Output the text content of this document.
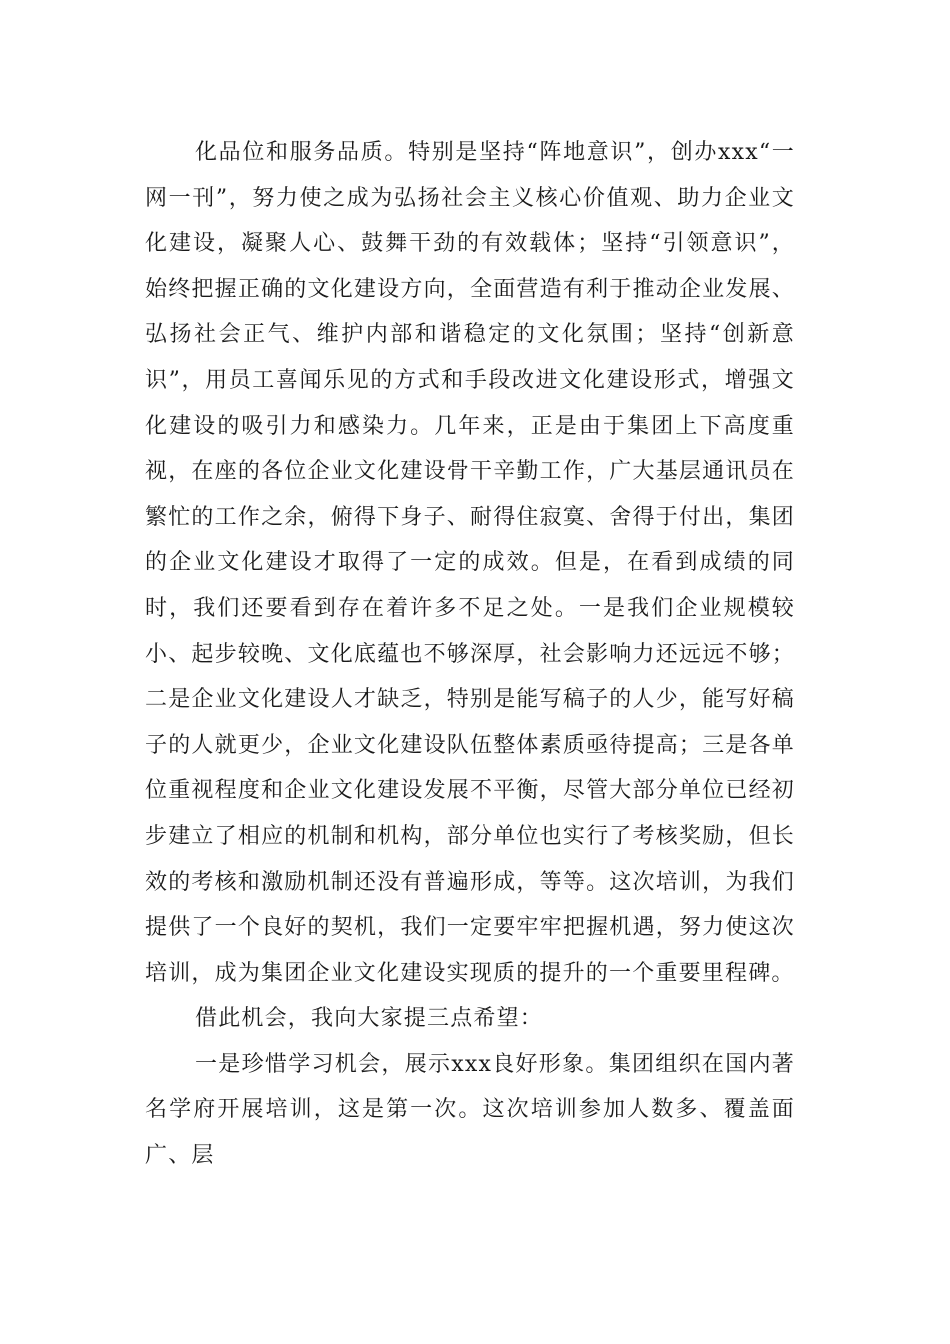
化品位和服务品质。特别是坚持“阵地意识”，创办xxx“一网一刊”，努力使之成为弘扬社会主义核心价值观、助力企业文化建设，凝聚人心、鼓舞干劲的有效载体；坚持“引领意识”，始终把握正确的文化建设方向，全面营造有利于推动企业发展、弘扬社会正气、维护内部和谐稳定的文化氛围；坚持“创新意识”，用员工喜闻乐见的方式和手段改进文化建设形式，增强文化建设的吸引力和感染力。几年来，正是由于集团上下高度重视，在座的各位企业文化建设骨干辛勤工作，广大基层通讯员在繁忙的工作之余，俯得下身子、耐得住寂寞、舍得于付出，集团的企业文化建设才取得了一定的成效。但是，在看到成绩的同时，我们还要看到存在着许多不足之处。一是我们企业规模较小、起步较晚、文化底蕴也不够深厚，社会影响力还远远不够；二是企业文化建设人才缺乏，特别是能写稿子的人少，能写好稿子的人就更少，企业文化建设队伍整体素质亟待提高；三是各单位重视程度和企业文化建设发展不平衡，尽管大部分单位已经初步建立了相应的机制和机构，部分单位也实行了考核奖励，但长效的考核和激励机制还没有普遍形成，等等。这次培训，为我们提供了一个良好的契机，我们一定要牢牢把握机遇，努力使这次培训，成为集团企业文化建设实现质的提升的一个重要里程碑。

借此机会，我向大家提三点希望：

一是珍惜学习机会，展示xxx良好形象。集团组织在国内著名学府开展培训，这是第一次。这次培训参加人数多、覆盖面广、层
